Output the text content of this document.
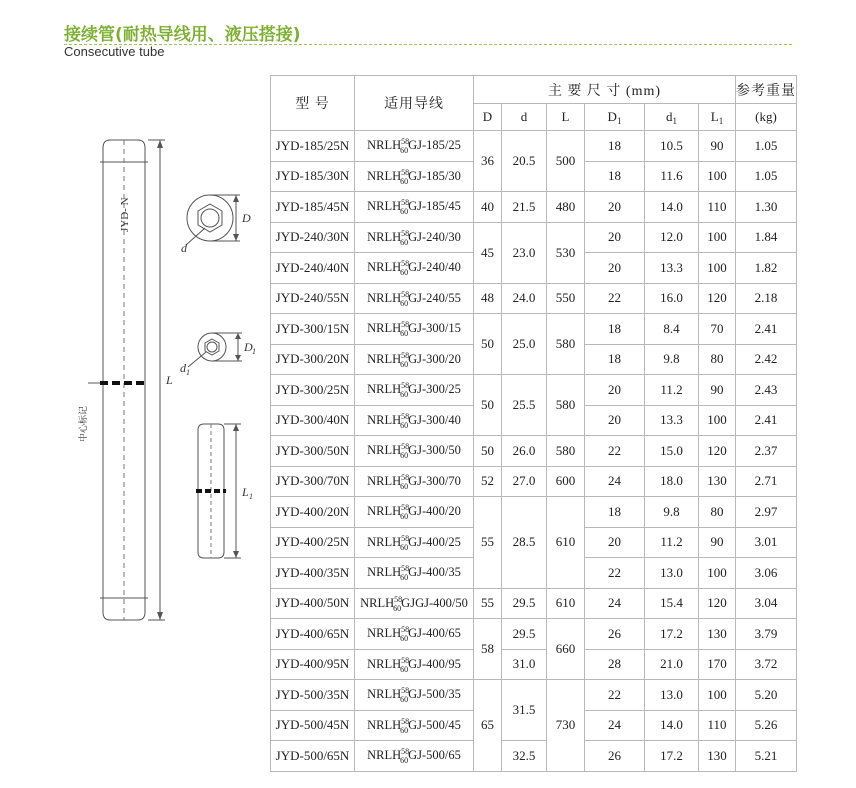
接续管(耐热导线用、液压搭接)
Consecutive tube
L
D
d
D 1
d 1
L 1
JYD- N
中心标记
型 号	适用导线	主 要 尺 寸 (mm)						参考重量
		D	d	L	$D_1$	$d_1$	$L_1$	(kg)
JYD-185/25N	$NRLH^{58}_{60}GJ-185/25$	36	20.5	500	18	10.5	90	1.05
JYD-185/30N	$NRLH^{58}_{60}GJ-185/30$				18	11.6	100	1.05
JYD-185/45N	$NRLH^{58}_{60}GJ-185/45$	40	21.5	480	20	14.0	110	1.30
JYD-240/30N	$NRLH^{58}_{60}GJ-240/30$	45	23.0	530	20	12.0	100	1.84
JYD-240/40N	$NRLH^{58}_{60}GJ-240/40$				20	13.3	100	1.82
JYD-240/55N	$NRLH^{58}_{60}GJ-240/55$	48	24.0	550	22	16.0	120	2.18
JYD-300/15N	$NRLH^{58}_{60}GJ-300/15$	50	25.0	580	18	8.4	70	2.41
JYD-300/20N	$NRLH^{58}_{60}GJ-300/20$				18	9.8	80	2.42
JYD-300/25N	$NRLH^{58}_{60}GJ-300/25$	50	25.5	580	20	11.2	90	2.43
JYD-300/40N	$NRLH^{58}_{60}GJ-300/40$				20	13.3	100	2.41
JYD-300/50N	$NRLH^{58}_{60}GJ-300/50$	50	26.0	580	22	15.0	120	2.37
JYD-300/70N	$NRLH^{58}_{60}GJ-300/70$	52	27.0	600	24	18.0	130	2.71
JYD-400/20N	$NRLH^{58}_{60}GJ-400/20$	55	28.5	610	18	9.8	80	2.97
JYD-400/25N	$NRLH^{58}_{60}GJ-400/25$				20	11.2	90	3.01
JYD-400/35N	$NRLH^{58}_{60}GJ-400/35$				22	13.0	100	3.06
JYD-400/50N	$NRLH^{58}_{60}GJGJ-400/50$	55	29.5	610	24	15.4	120	3.04
JYD-400/65N	$NRLH^{58}_{60}GJ-400/65$	58	29.5	660	26	17.2	130	3.79
JYD-400/95N	$NRLH^{58}_{60}GJ-400/95$		31.0		28	21.0	170	3.72
JYD-500/35N	$NRLH^{58}_{60}GJ-500/35$	65	31.5	730	22	13.0	100	5.20
JYD-500/45N	$NRLH^{58}_{60}GJ-500/45$				24	14.0	110	5.26
JYD-500/65N	$NRLH^{58}_{60}GJ-500/65$		32.5		26	17.2	130	5.21
